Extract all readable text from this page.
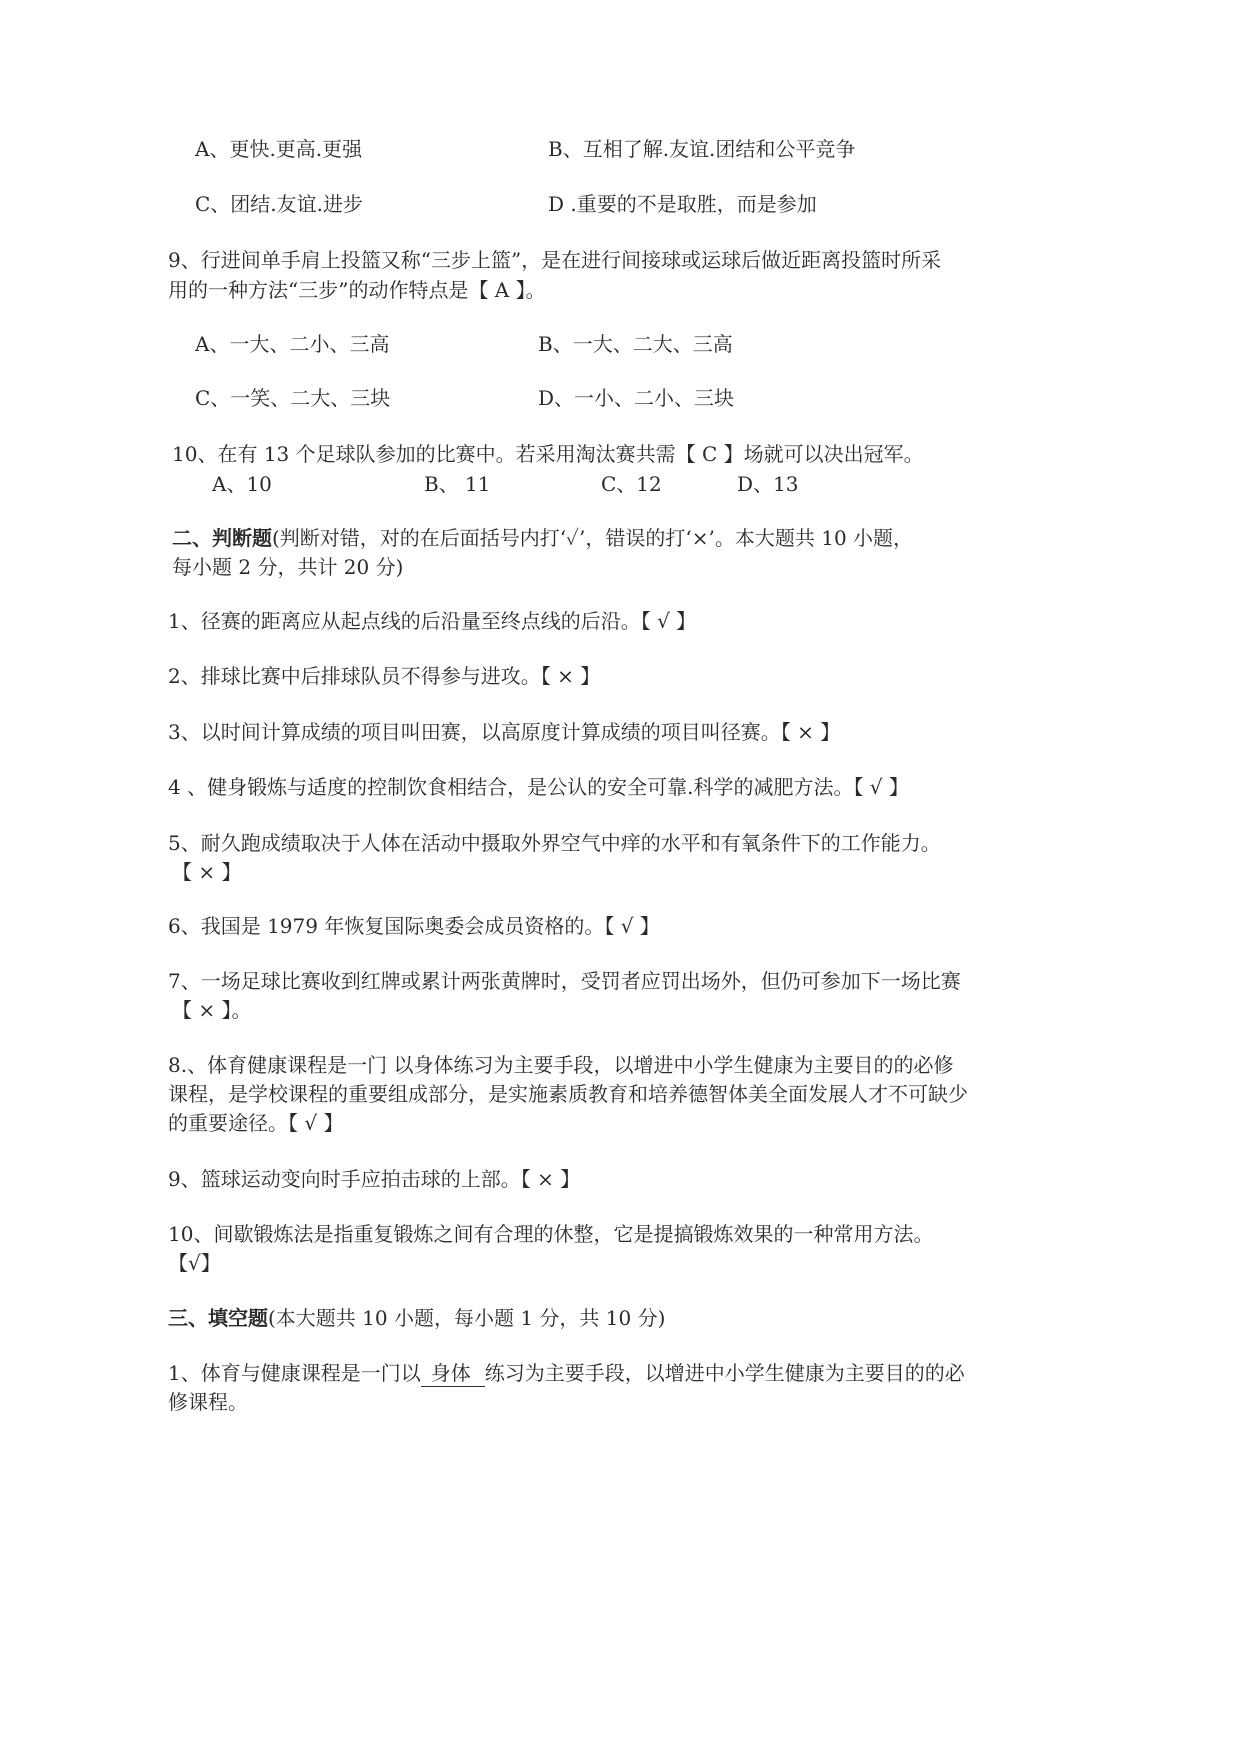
A、更快.更高.更强	B、互相了解.友谊.团结和公平竞争
C、团结.友谊.进步	D .重要的不是取胜，而是参加
9、行进间单手肩上投篮又称“三步上篮”，是在进行间接球或运球后做近距离投篮时所采
用的一种方法“三步”的动作特点是【 A 】。
A、一大、二小、三高	B、一大、二大、三高
C、一笑、二大、三块	D、一小、二小、三块
10、在有 13 个足球队参加的比赛中。若采用淘汰赛共需【 C 】场就可以决出冠军。
A、10	B、 11	C、12	D、13
二、判断题(判断对错，对的在后面括号内打‘✓’，错误的打‘×’。本大题共 10 小题，
每小题 2 分，共计 20 分)
1、径赛的距离应从起点线的后沿量至终点线的后沿。【 √ 】
2、排球比赛中后排球队员不得参与进攻。【 × 】
3、以时间计算成绩的项目叫田赛，以高原度计算成绩的项目叫径赛。【 × 】
4 、健身锻炼与适度的控制饮食相结合，是公认的安全可靠.科学的减肥方法。【 √ 】
5、耐久跑成绩取决于人体在活动中摄取外界空气中痒的水平和有氧条件下的工作能力。
【 × 】
6、我国是 1979 年恢复国际奥委会成员资格的。【 √ 】
7、一场足球比赛收到红牌或累计两张黄牌时，受罚者应罚出场外，但仍可参加下一场比赛
【 × 】。
8.、体育健康课程是一门 以身体练习为主要手段，以增进中小学生健康为主要目的的必修
课程，是学校课程的重要组成部分，是实施素质教育和培养德智体美全面发展人才不可缺少
的重要途径。【 √ 】
9、篮球运动变向时手应拍击球的上部。【 × 】
10、间歇锻炼法是指重复锻炼之间有合理的休整，它是提搞锻炼效果的一种常用方法。
【√】
三、填空题(本大题共 10 小题，每小题 1 分，共 10 分)
1、体育与健康课程是一门以 身体 练习为主要手段，以增进中小学生健康为主要目的的必
修课程。
